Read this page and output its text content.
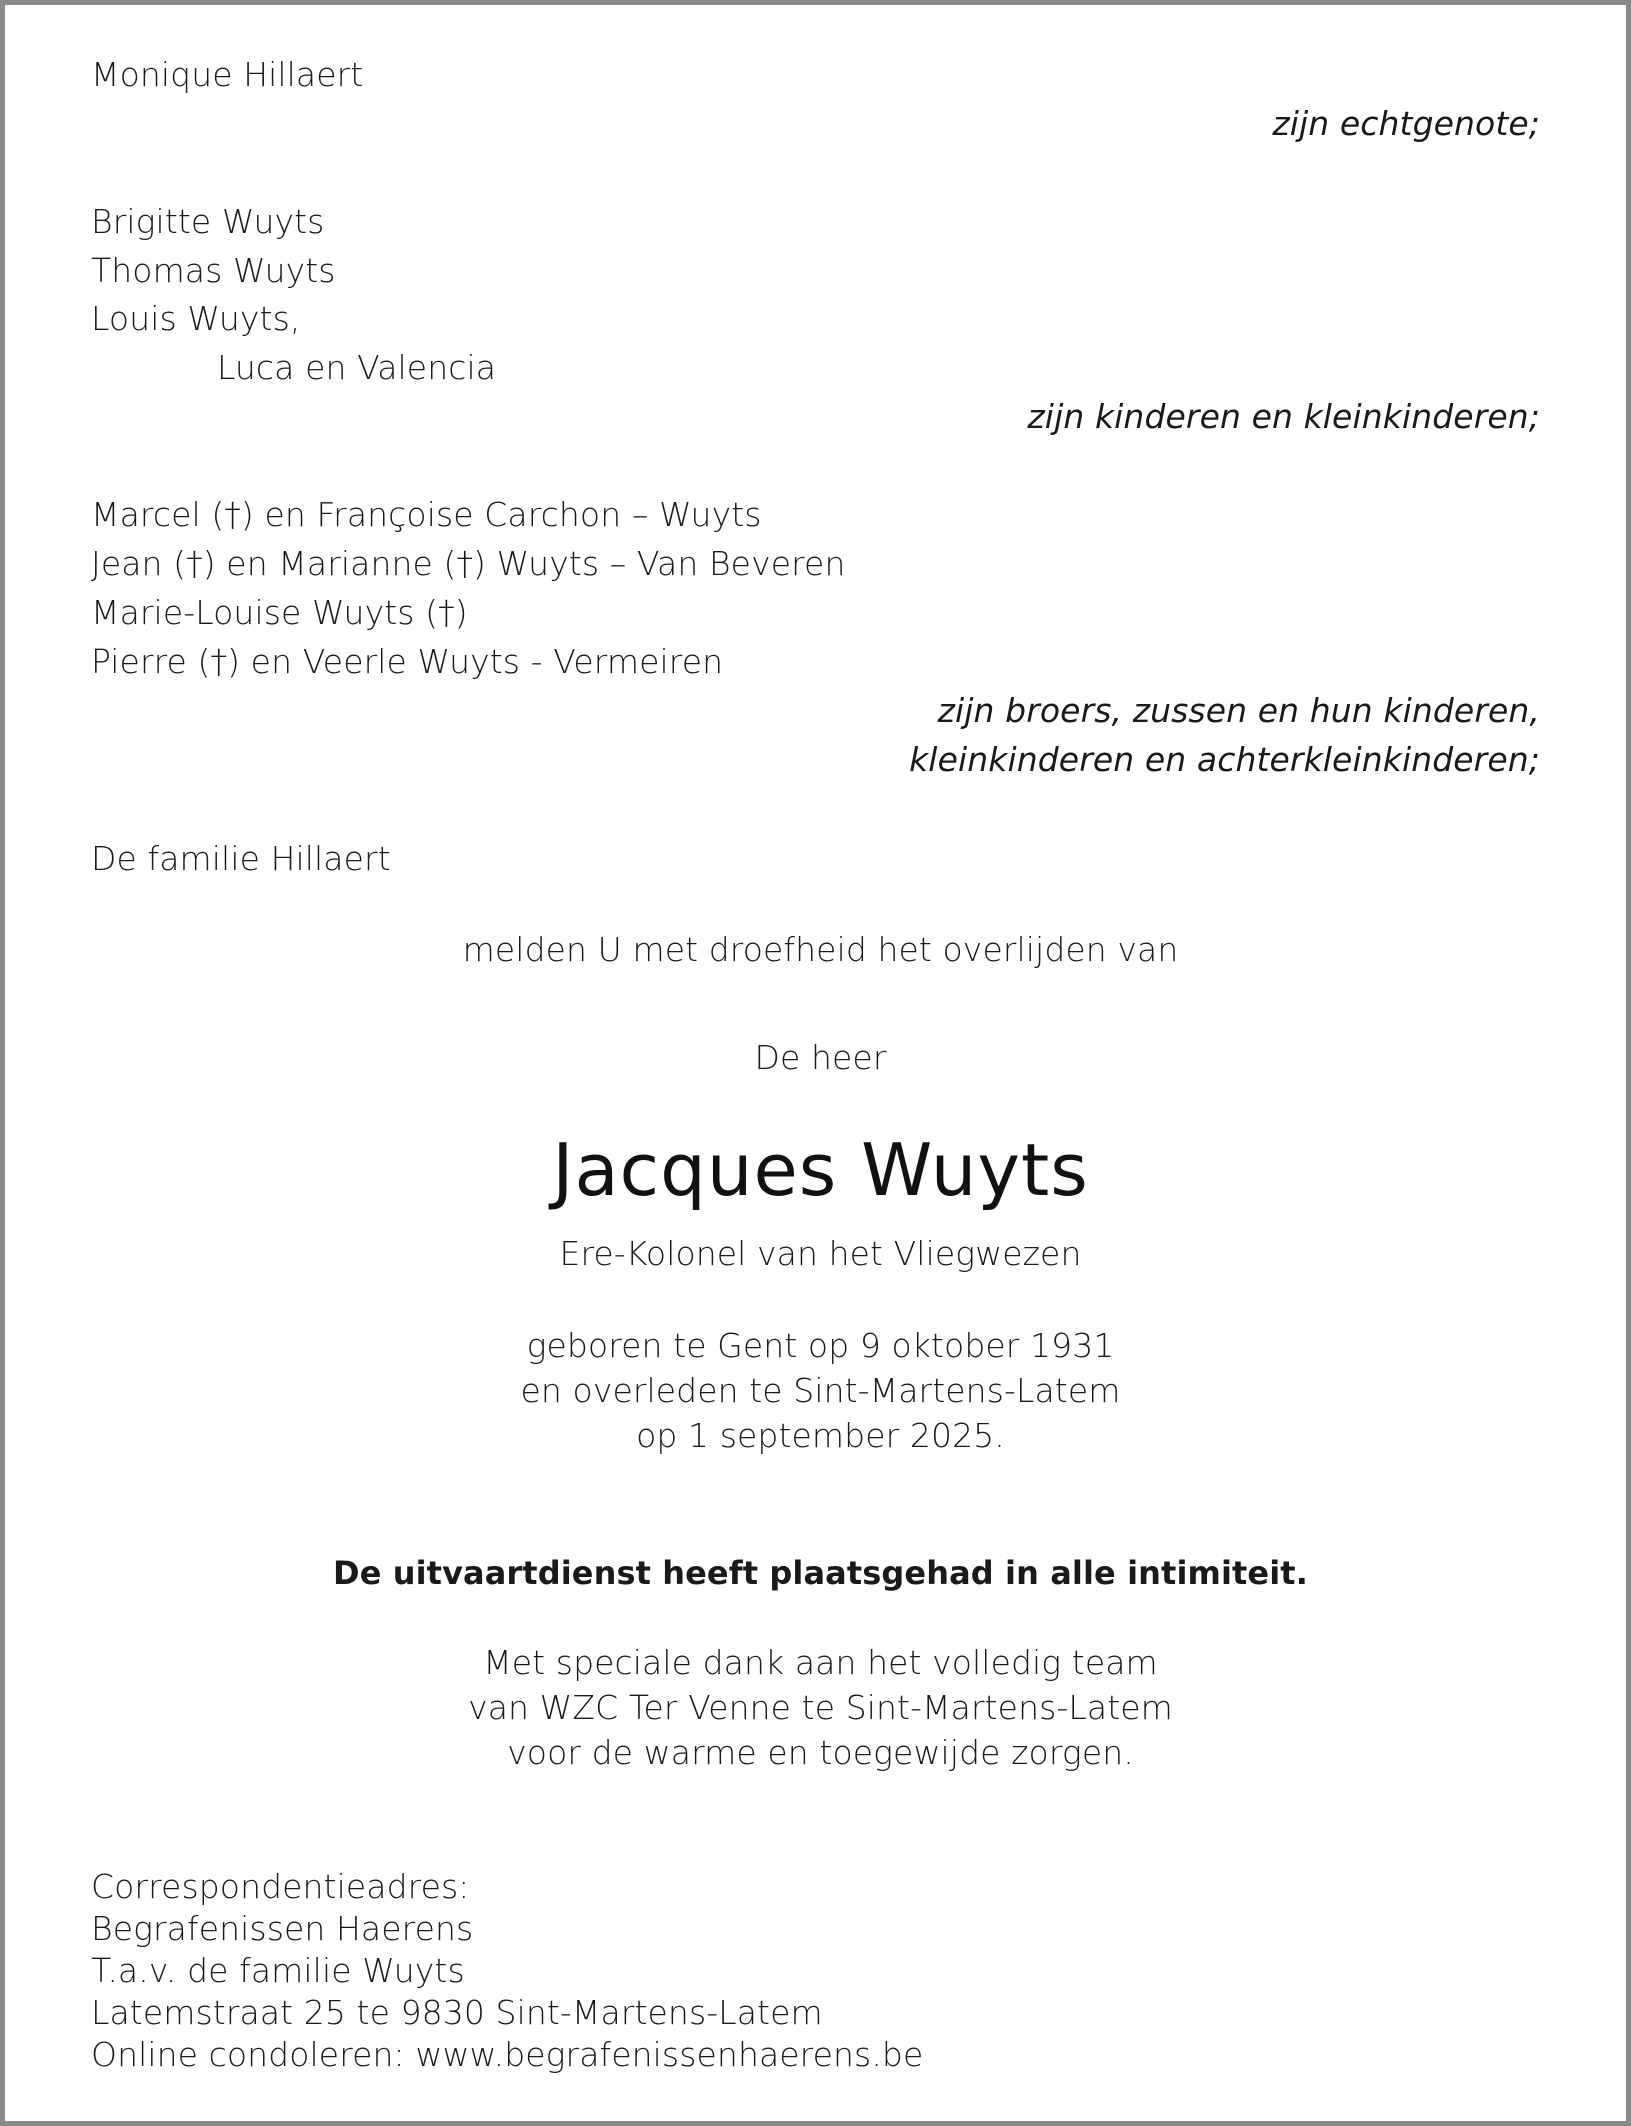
Monique Hillaert
zijn echtgenote;
Brigitte Wuyts
Thomas Wuyts
Louis Wuyts,
Luca en Valencia
zijn kinderen en kleinkinderen;
Marcel (†) en Françoise Carchon – Wuyts
Jean (†) en Marianne (†) Wuyts – Van Beveren
Marie-Louise Wuyts (†)
Pierre (†) en Veerle Wuyts - Vermeiren
zijn broers, zussen en hun kinderen,
kleinkinderen en achterkleinkinderen;
De familie Hillaert
melden U met droefheid het overlijden van
De heer
Jacques Wuyts
Ere-Kolonel van het Vliegwezen
geboren te Gent op 9 oktober 1931
en overleden te Sint-Martens-Latem
op 1 september 2025.
De uitvaartdienst heeft plaatsgehad in alle intimiteit.
Met speciale dank aan het volledig team
van WZC Ter Venne te Sint-Martens-Latem
voor de warme en toegewijde zorgen.
Correspondentieadres:
Begrafenissen Haerens
T.a.v. de familie Wuyts
Latemstraat 25 te 9830 Sint-Martens-Latem
Online condoleren: www.begrafenissenhaerens.be
